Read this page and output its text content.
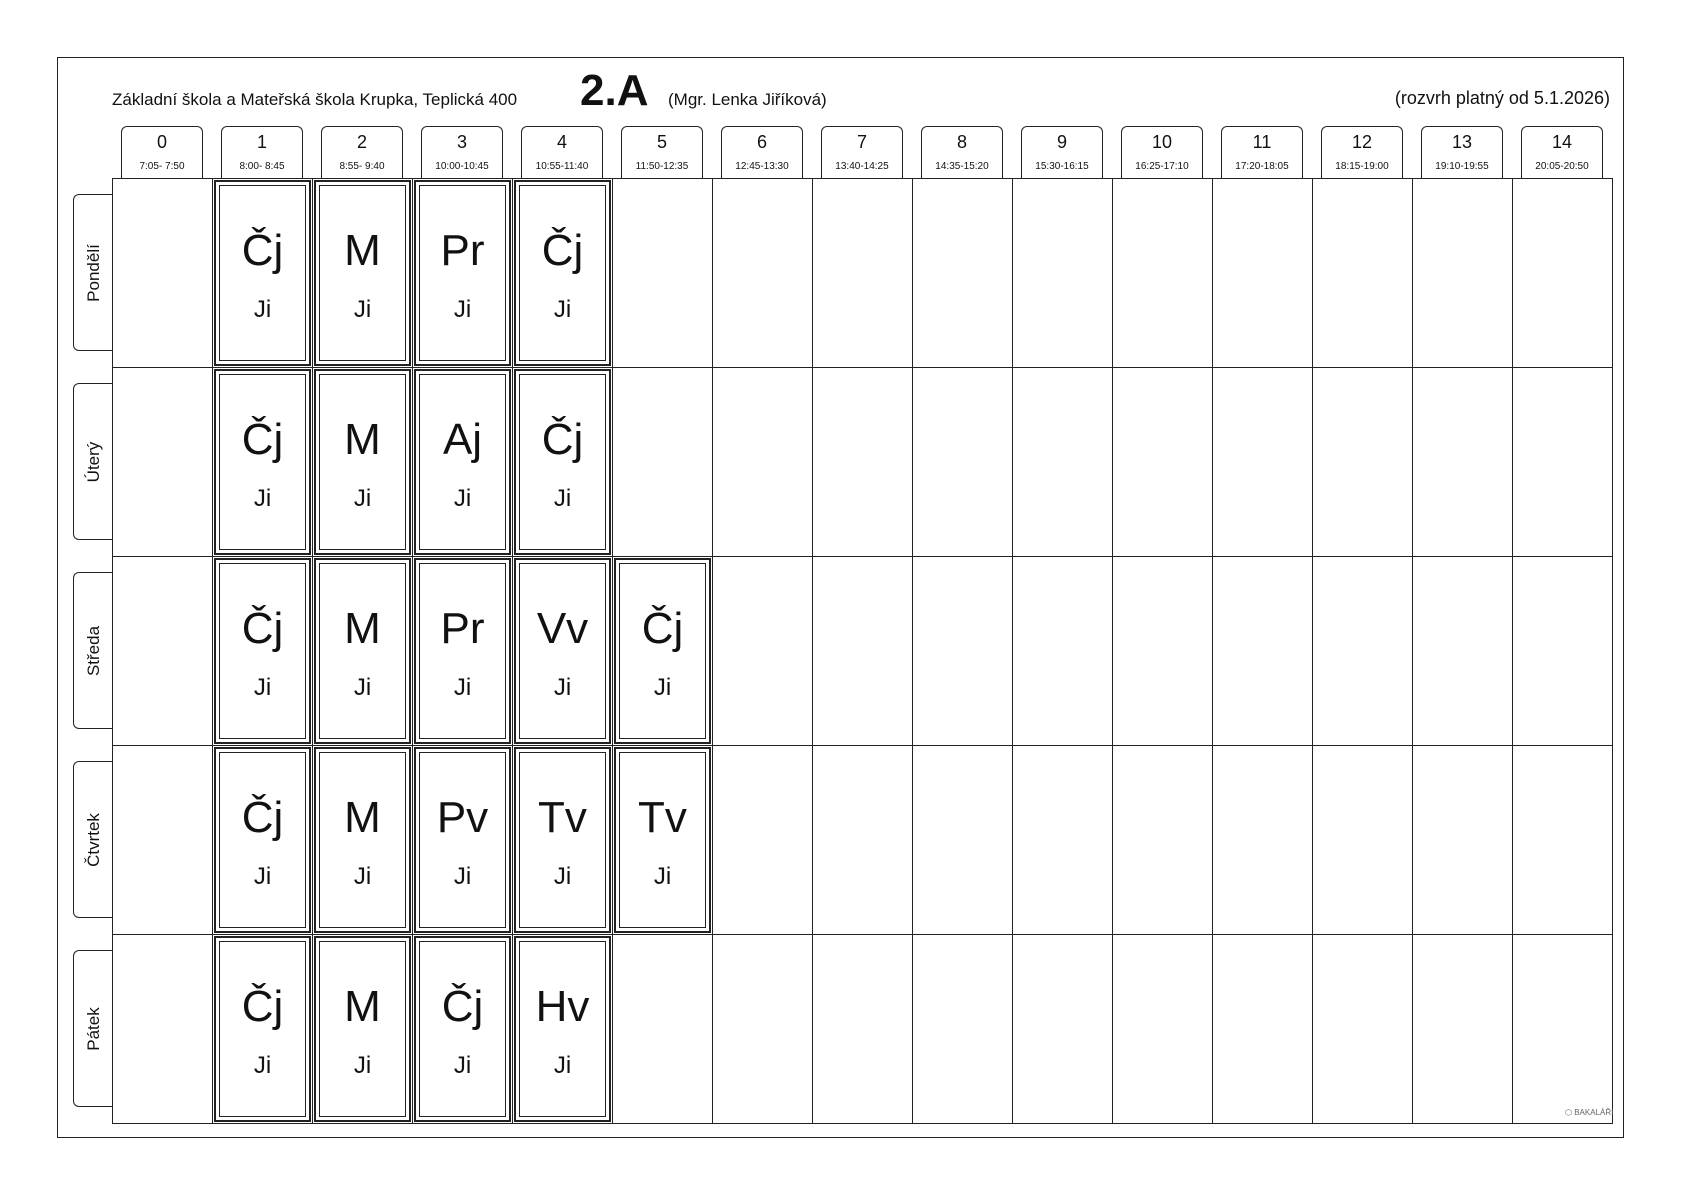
Základní škola a Mateřská škola Krupka, Teplická 400 2.A (Mgr. Lenka Jiříková)	(rozvrh platný od 5.1.2026)
0
7:05- 7:50
1
8:00- 8:45
2
8:55- 9:40
3
10:00-10:45
4
10:55-11:40
5
11:50-12:35
6
12:45-13:30
7
13:40-14:25
8
14:35-15:20
9
15:30-16:15
10
16:25-17:10
11
17:20-18:05
12
18:15-19:00
13
19:10-19:55
14
20:05-20:50
Pondělí
Úterý
Středa
Čtvrtek
Pátek
Čj
Ji
M
Ji
Pr
Ji
Čj
Ji
Čj
Ji
M
Ji
Aj
Ji
Čj
Ji
Čj
Ji
M
Ji
Pr
Ji
Vv
Ji
Čj
Ji
Čj
Ji
M
Ji
Pv
Ji
Tv
Ji
Tv
Ji
Čj
Ji
M
Ji
Čj
Ji
Hv
Ji
⬡ BAKALÁŘI
